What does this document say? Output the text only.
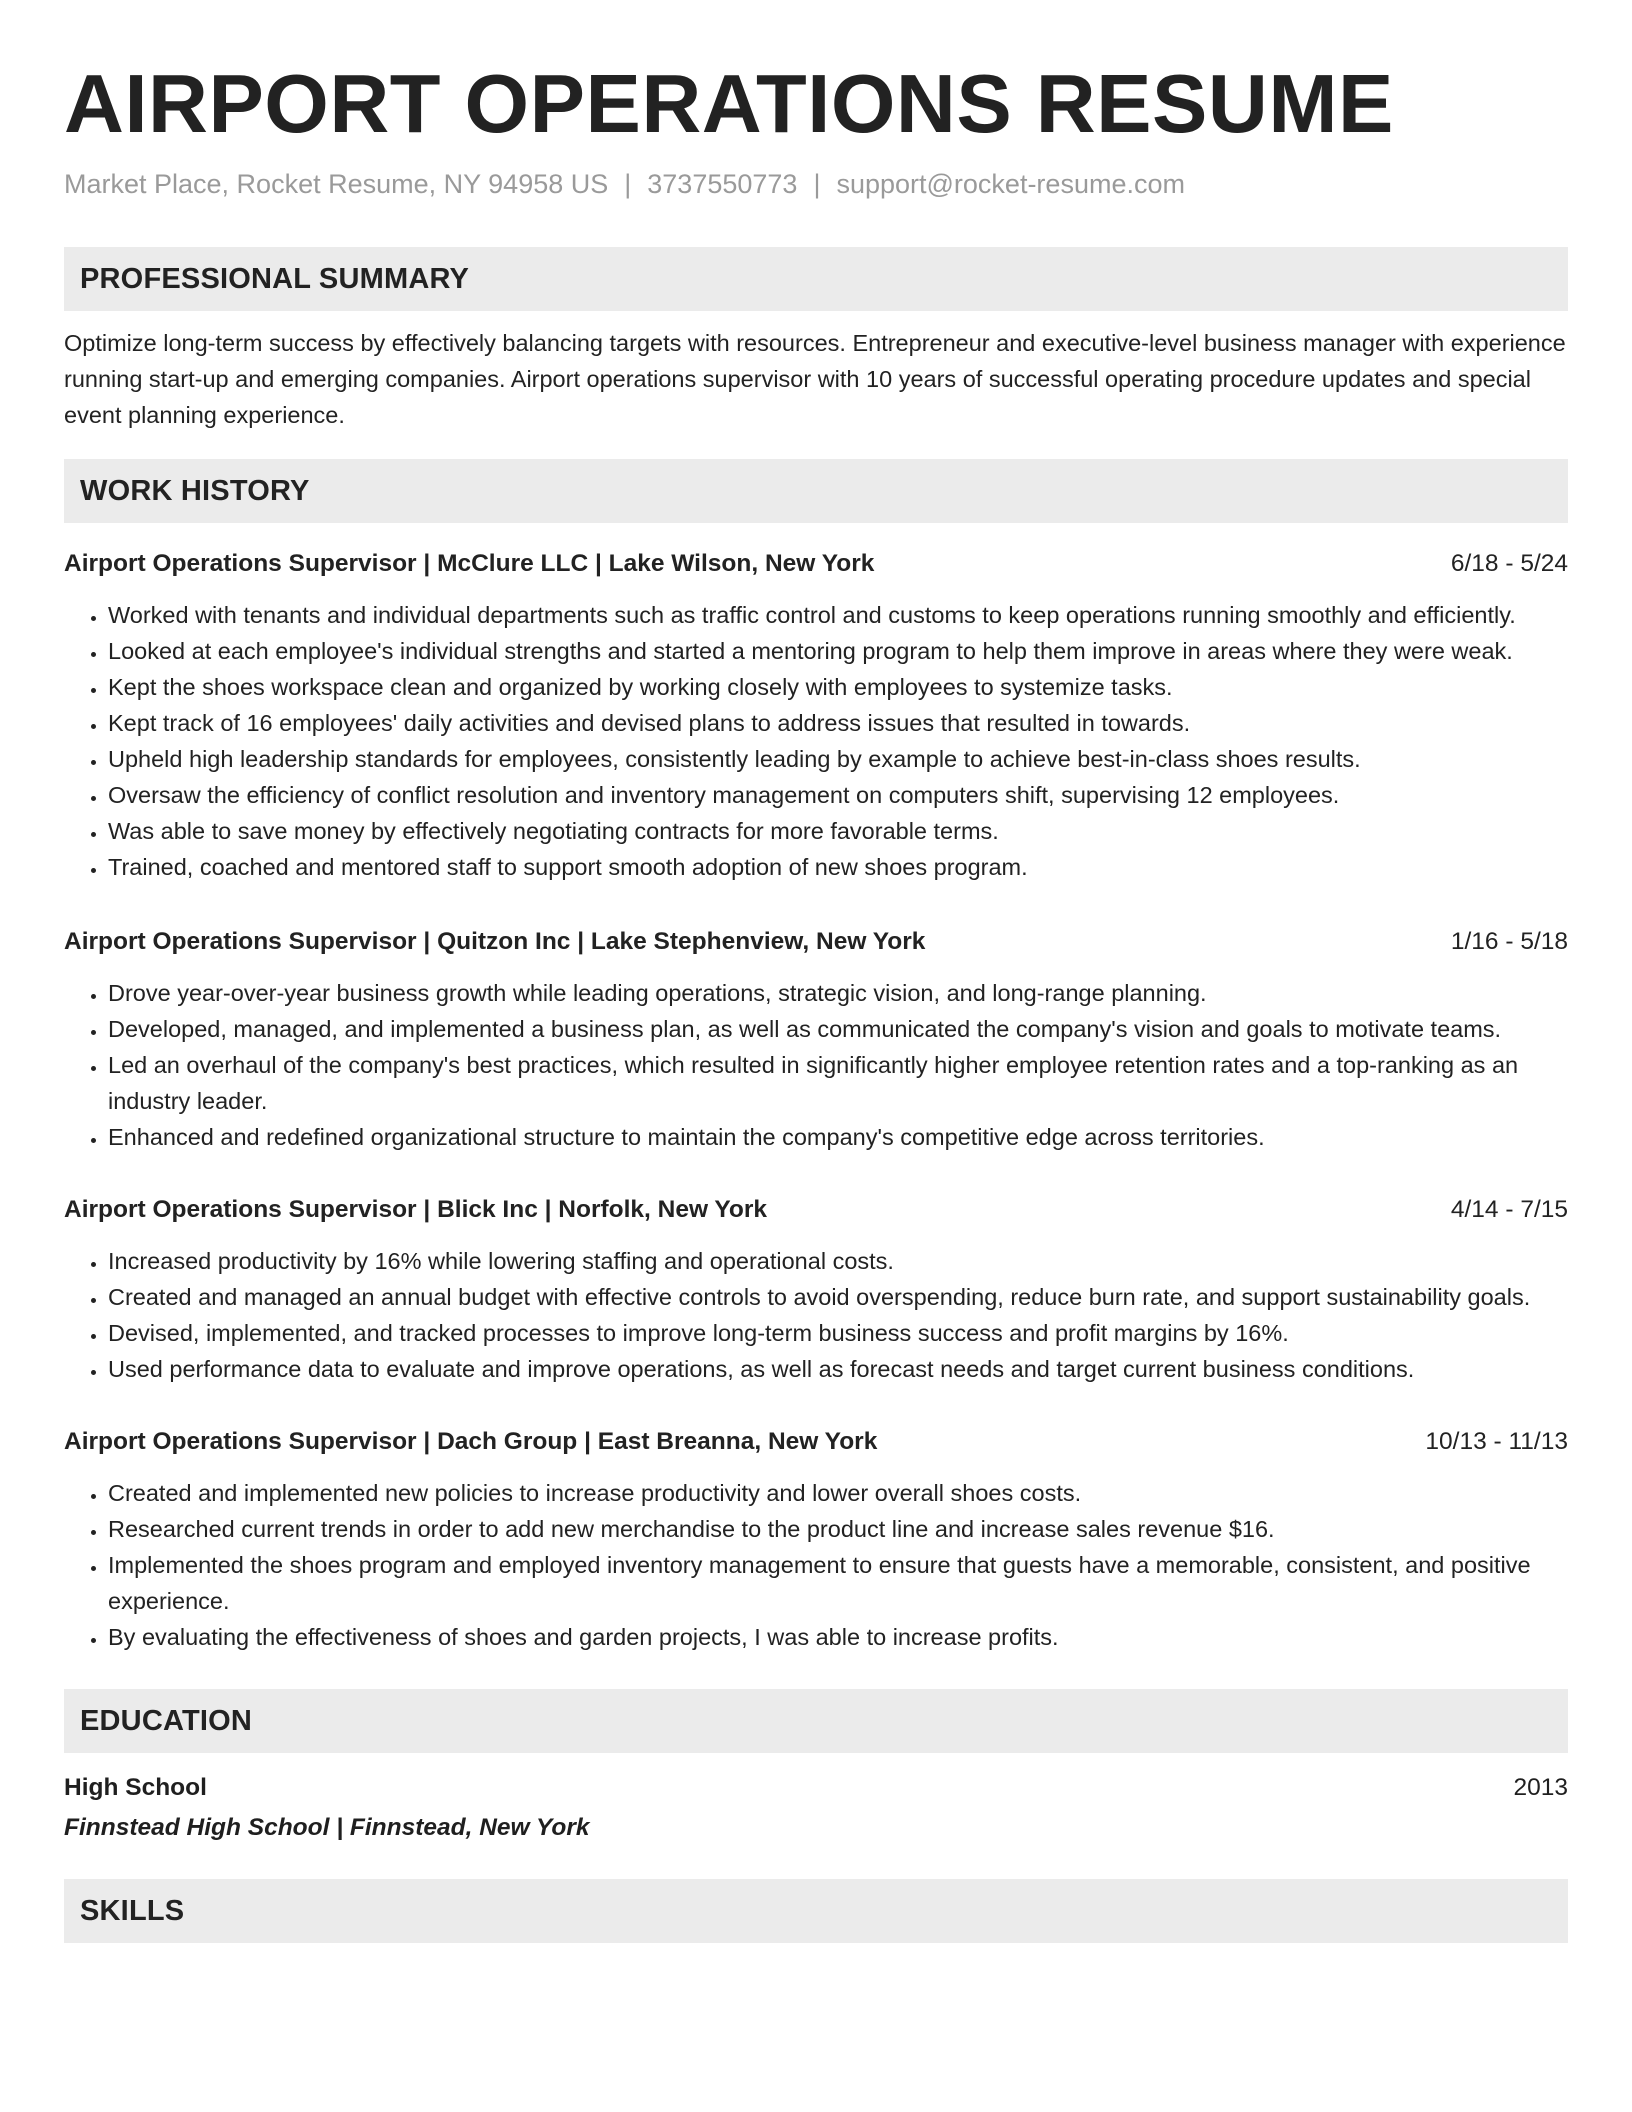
AIRPORT OPERATIONS RESUME
Market Place, Rocket Resume, NY 94958 US | 3737550773 | support@rocket-resume.com
PROFESSIONAL SUMMARY
Optimize long-term success by effectively balancing targets with resources. Entrepreneur and executive-level business manager with experience running start-up and emerging companies. Airport operations supervisor with 10 years of successful operating procedure updates and special event planning experience.
WORK HISTORY
Airport Operations Supervisor | McClure LLC | Lake Wilson, New York	6/18 - 5/24
• Worked with tenants and individual departments such as traffic control and customs to keep operations running smoothly and efficiently.
• Looked at each employee's individual strengths and started a mentoring program to help them improve in areas where they were weak.
• Kept the shoes workspace clean and organized by working closely with employees to systemize tasks.
• Kept track of 16 employees' daily activities and devised plans to address issues that resulted in towards.
• Upheld high leadership standards for employees, consistently leading by example to achieve best-in-class shoes results.
• Oversaw the efficiency of conflict resolution and inventory management on computers shift, supervising 12 employees.
• Was able to save money by effectively negotiating contracts for more favorable terms.
• Trained, coached and mentored staff to support smooth adoption of new shoes program.
Airport Operations Supervisor | Quitzon Inc | Lake Stephenview, New York	1/16 - 5/18
• Drove year-over-year business growth while leading operations, strategic vision, and long-range planning.
• Developed, managed, and implemented a business plan, as well as communicated the company's vision and goals to motivate teams.
• Led an overhaul of the company's best practices, which resulted in significantly higher employee retention rates and a top-ranking as an industry leader.
• Enhanced and redefined organizational structure to maintain the company's competitive edge across territories.
Airport Operations Supervisor | Blick Inc | Norfolk, New York	4/14 - 7/15
• Increased productivity by 16% while lowering staffing and operational costs.
• Created and managed an annual budget with effective controls to avoid overspending, reduce burn rate, and support sustainability goals.
• Devised, implemented, and tracked processes to improve long-term business success and profit margins by 16%.
• Used performance data to evaluate and improve operations, as well as forecast needs and target current business conditions.
Airport Operations Supervisor | Dach Group | East Breanna, New York	10/13 - 11/13
• Created and implemented new policies to increase productivity and lower overall shoes costs.
• Researched current trends in order to add new merchandise to the product line and increase sales revenue $16.
• Implemented the shoes program and employed inventory management to ensure that guests have a memorable, consistent, and positive experience.
• By evaluating the effectiveness of shoes and garden projects, I was able to increase profits.
EDUCATION
High School	2013
Finnstead High School | Finnstead, New York
SKILLS
